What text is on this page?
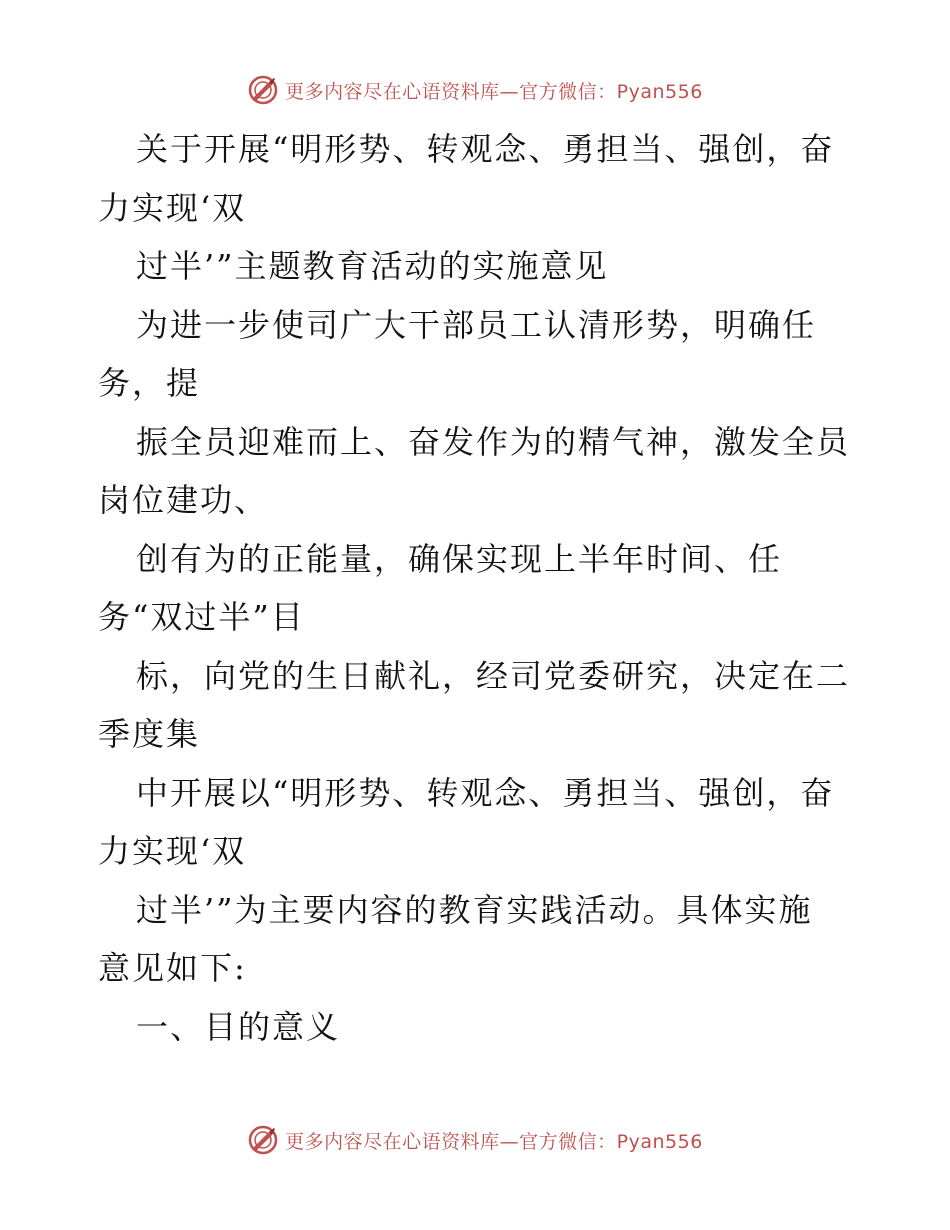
更多内容尽在心语资料库—官方微信：Pyan556
关于开展“明形势、转观念、勇担当、强创，奋
力实现‘双
过半’”主题教育活动的实施意见
为进一步使司广大干部员工认清形势，明确任
务，提
振全员迎难而上、奋发作为的精气神，激发全员
岗位建功、
创有为的正能量，确保实现上半年时间、任
务“双过半”目
标，向党的生日献礼，经司党委研究，决定在二
季度集
中开展以“明形势、转观念、勇担当、强创，奋
力实现‘双
过半’”为主要内容的教育实践活动。具体实施
意见如下:
一、目的意义
更多内容尽在心语资料库—官方微信：Pyan556
